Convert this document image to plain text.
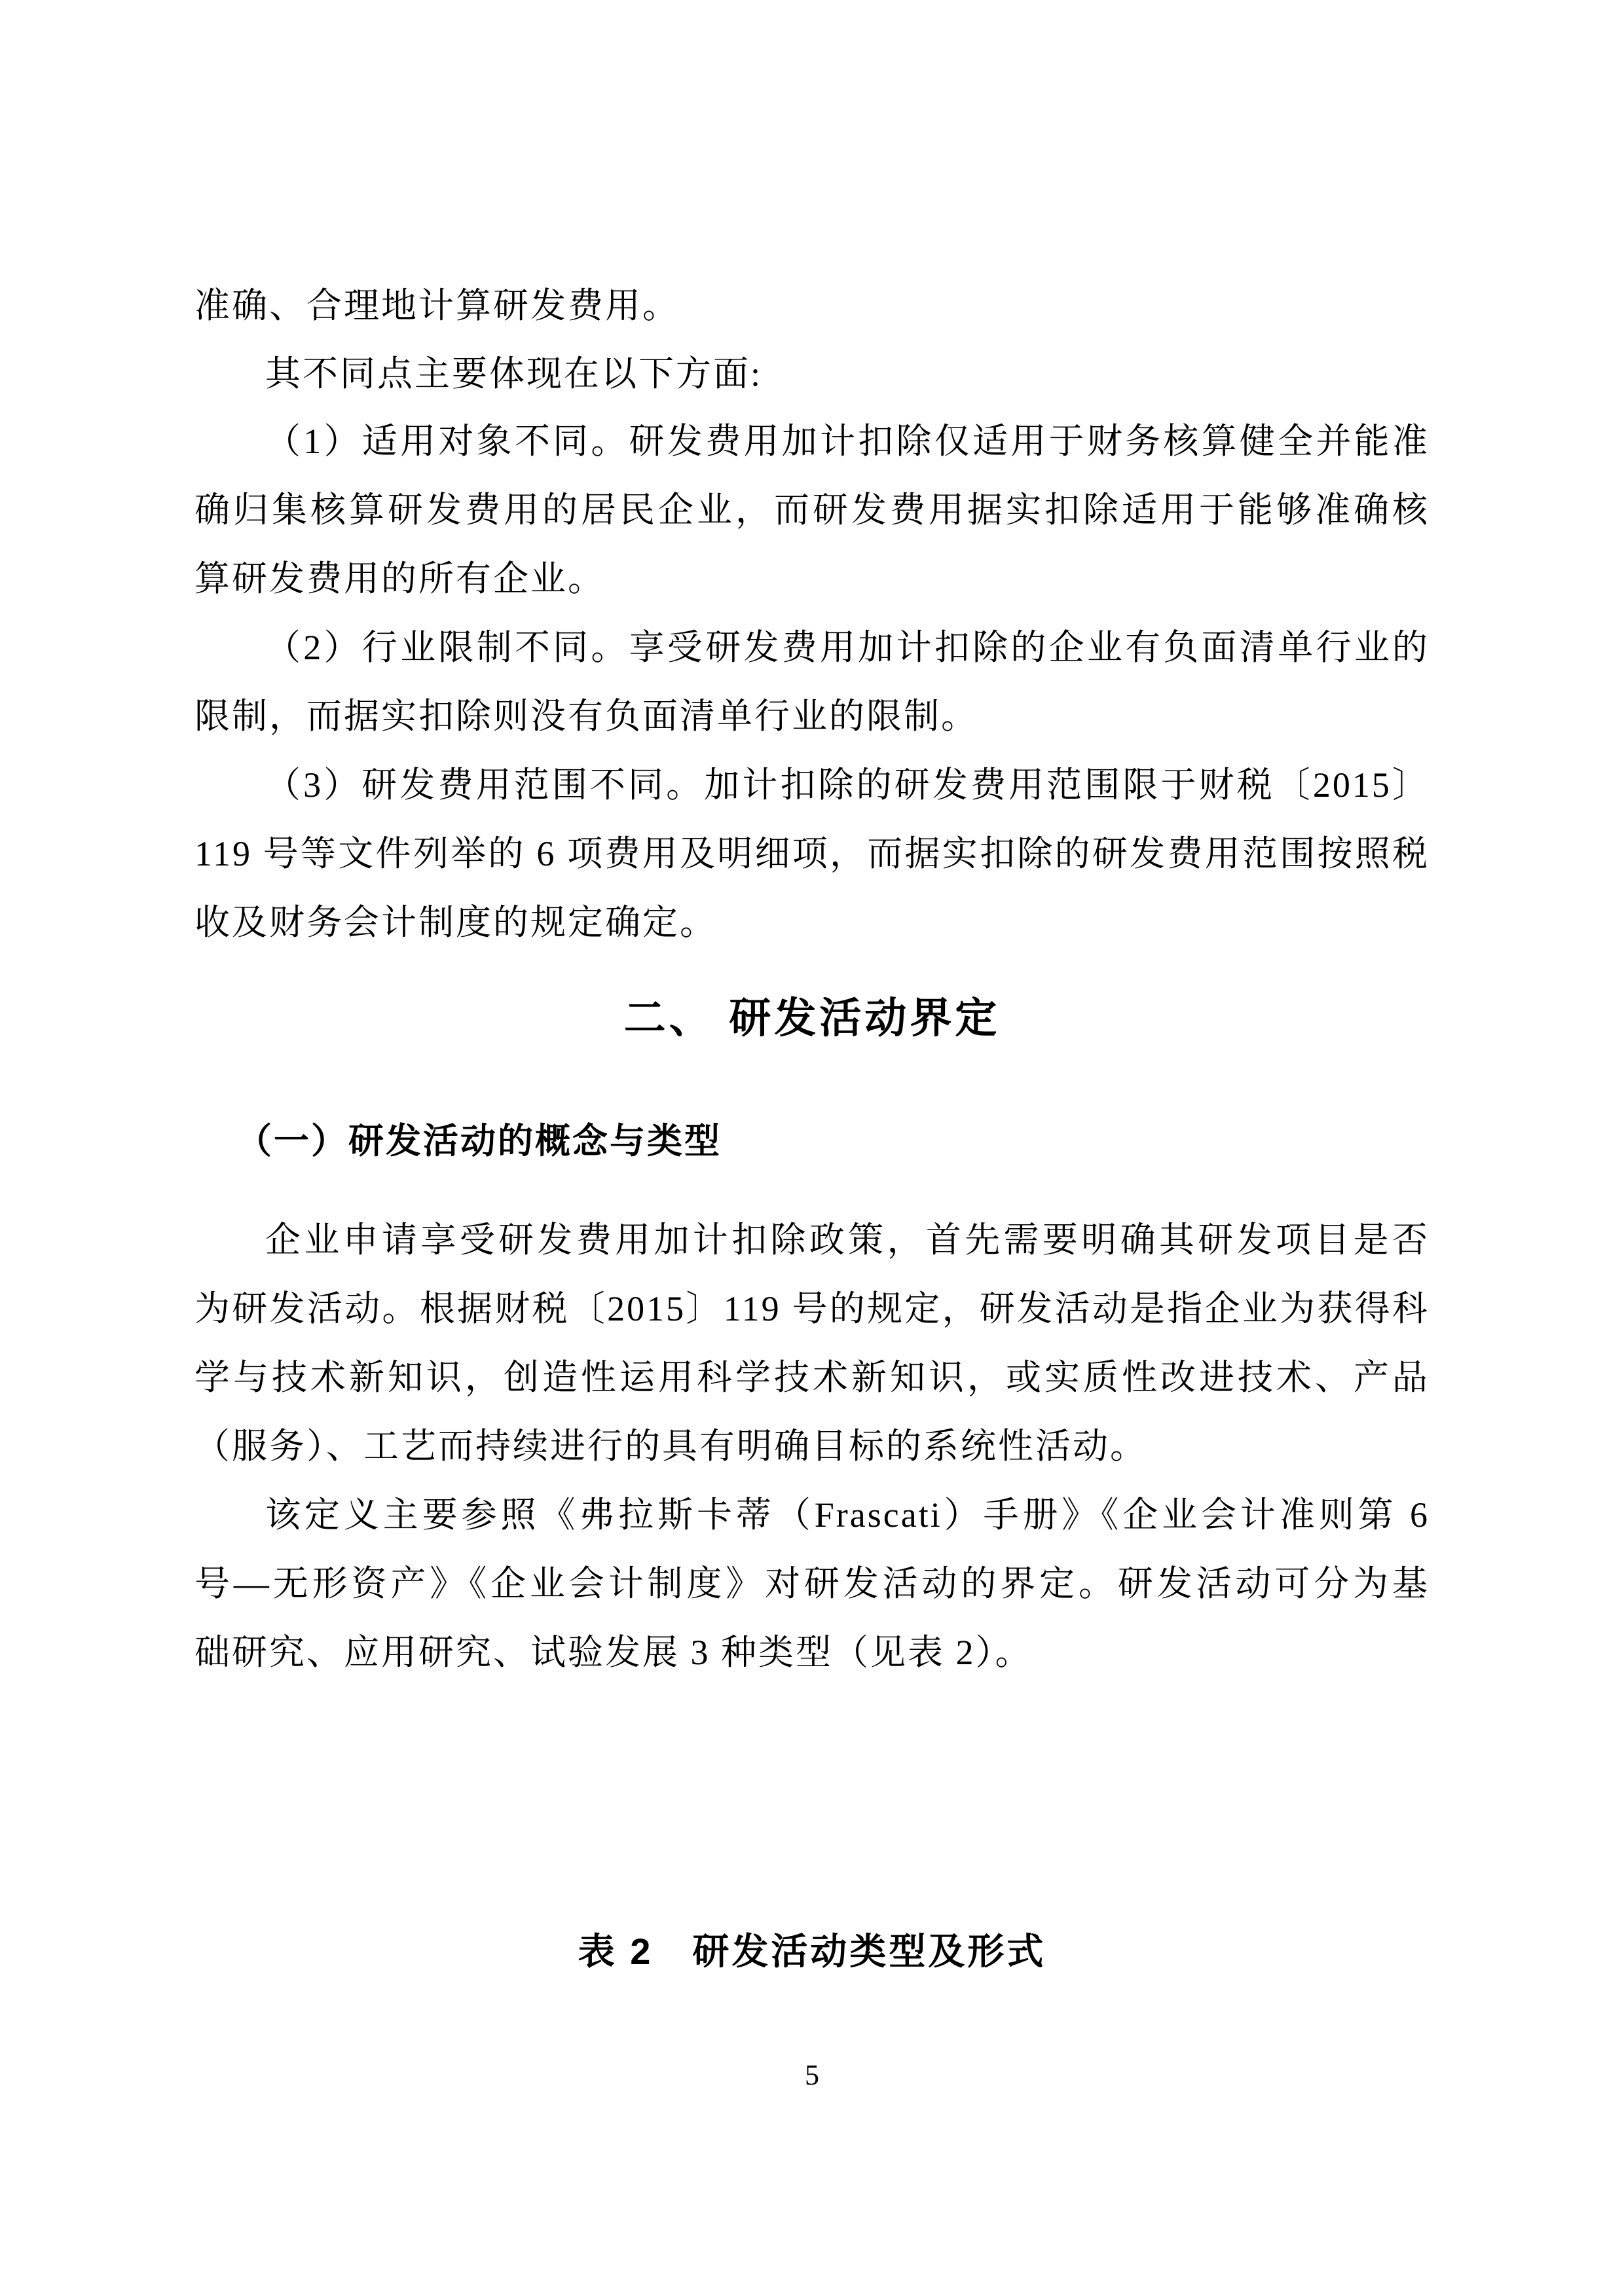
准确、合理地计算研发费用。
其不同点主要体现在以下方面:
（1）适用对象不同。研发费用加计扣除仅适用于财务核算健全并能准
确归集核算研发费用的居民企业，而研发费用据实扣除适用于能够准确核
算研发费用的所有企业。
（2）行业限制不同。享受研发费用加计扣除的企业有负面清单行业的
限制，而据实扣除则没有负面清单行业的限制。
（3）研发费用范围不同。加计扣除的研发费用范围限于财税〔2015〕
119 号等文件列举的 6 项费用及明细项，而据实扣除的研发费用范围按照税
收及财务会计制度的规定确定。
二、 研发活动界定
（一）研发活动的概念与类型
企业申请享受研发费用加计扣除政策，首先需要明确其研发项目是否
为研发活动。根据财税〔2015〕119 号的规定，研发活动是指企业为获得科
学与技术新知识，创造性运用科学技术新知识，或实质性改进技术、产品
（服务）、工艺而持续进行的具有明确目标的系统性活动。
该定义主要参照《弗拉斯卡蒂（Frascati）手册》《企业会计准则第 6
号—无形资产》《企业会计制度》对研发活动的界定。研发活动可分为基
础研究、应用研究、试验发展 3 种类型（见表 2）。
表 2　研发活动类型及形式
5
